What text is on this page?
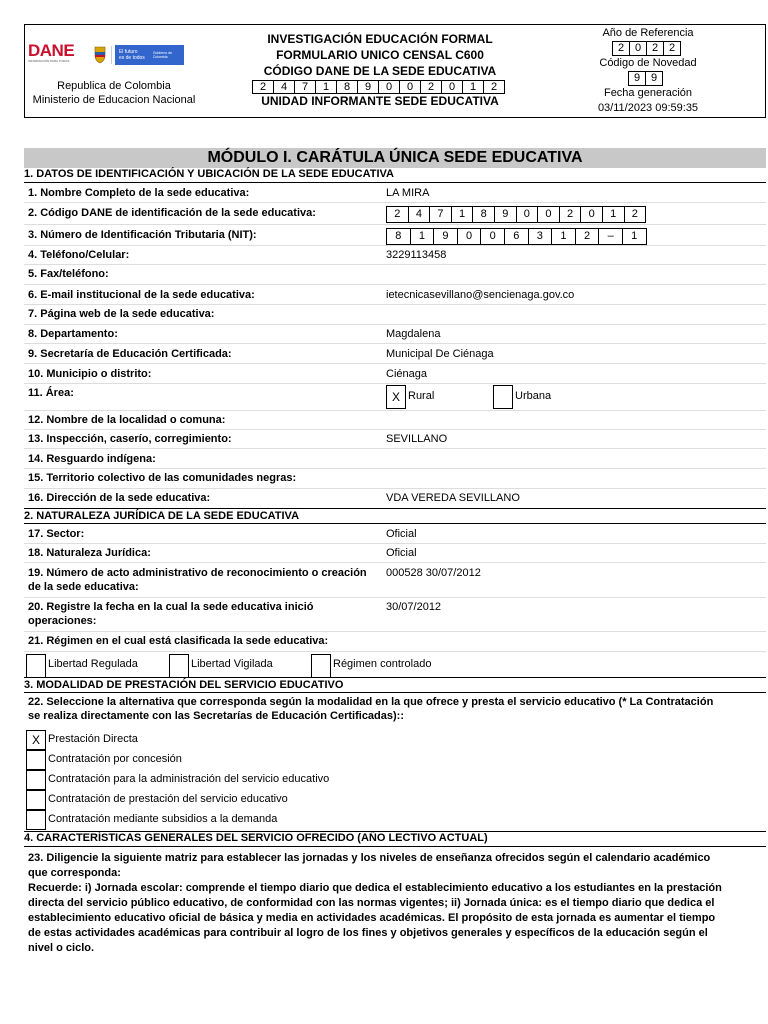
DANE
INFORMACIÓN PARA TODOS
El futuro
es de todos
Gobierno de Colombia
Republica de Colombia
Ministerio de Educacion Nacional
INVESTIGACIÓN EDUCACIÓN FORMAL
FORMULARIO UNICO CENSAL C600
CÓDIGO DANE DE LA SEDE EDUCATIVA
2	4	7	1	8	9	0	0	2	0	1	2
UNIDAD INFORMANTE SEDE EDUCATIVA
Año de Referencia
2 0 2 2
Código de Novedad
9 9
Fecha generación
03/11/2023 09:59:35
MÓDULO I. CARÁTULA ÚNICA SEDE EDUCATIVA
1. DATOS DE IDENTIFICACIÓN Y UBICACIÓN DE LA SEDE EDUCATIVA
1. Nombre Completo de la sede educativa:	LA MIRA
2. Código DANE de identificación de la sede educativa:	2	4	7	1	8	9	0	0	2	0	1	2
3. Número de Identificación Tributaria (NIT):	8	1	9	0	0	6	3	1	2	–	1
4. Teléfono/Celular:	3229113458
5. Fax/teléfono:
6. E-mail institucional de la sede educativa:	ietecnicasevillano@sencienaga.gov.co
7. Página web de la sede educativa:
8. Departamento:	Magdalena
9. Secretaría de Educación Certificada:	Municipal De Ciénaga
10. Municipio o distrito:	Ciénaga
11. Área:	X Rural	Urbana
12. Nombre de la localidad o comuna:
13. Inspección, caserío, corregimiento:	SEVILLANO
14. Resguardo indígena:
15. Territorio colectivo de las comunidades negras:
16. Dirección de la sede educativa:	VDA VEREDA SEVILLANO
2. NATURALEZA JURÍDICA DE LA SEDE EDUCATIVA
17. Sector:	Oficial
18. Naturaleza Jurídica:	Oficial
19. Número de acto administrativo de reconocimiento o creación
de la sede educativa:
000528 30/07/2012
20. Registre la fecha en la cual la sede educativa inició
operaciones:
30/07/2012
21. Régimen en el cual está clasificada la sede educativa:
Libertad Regulada	Libertad Vigilada	Régimen controlado
3. MODALIDAD DE PRESTACIÓN DEL SERVICIO EDUCATIVO
22. Seleccione la alternativa que corresponda según la modalidad en la que ofrece y presta el servicio educativo (* La Contratación
se realiza directamente con las Secretarías de Educación Certificadas)::
X Prestación Directa
Contratación por concesión
Contratación para la administración del servicio educativo
Contratación de prestación del servicio educativo
Contratación mediante subsidios a la demanda
4. CARACTERÍSTICAS GENERALES DEL SERVICIO OFRECIDO (AÑO LECTIVO ACTUAL)
23. Diligencie la siguiente matriz para establecer las jornadas y los niveles de enseñanza ofrecidos según el calendario académico
que corresponda:
Recuerde: i) Jornada escolar: comprende el tiempo diario que dedica el establecimiento educativo a los estudiantes en la prestación
directa del servicio público educativo, de conformidad con las normas vigentes; ii) Jornada única: es el tiempo diario que dedica el
establecimiento educativo oficial de básica y media en actividades académicas. El propósito de esta jornada es aumentar el tiempo
de estas actividades académicas para contribuir al logro de los fines y objetivos generales y específicos de la educación según el
nivel o ciclo.
